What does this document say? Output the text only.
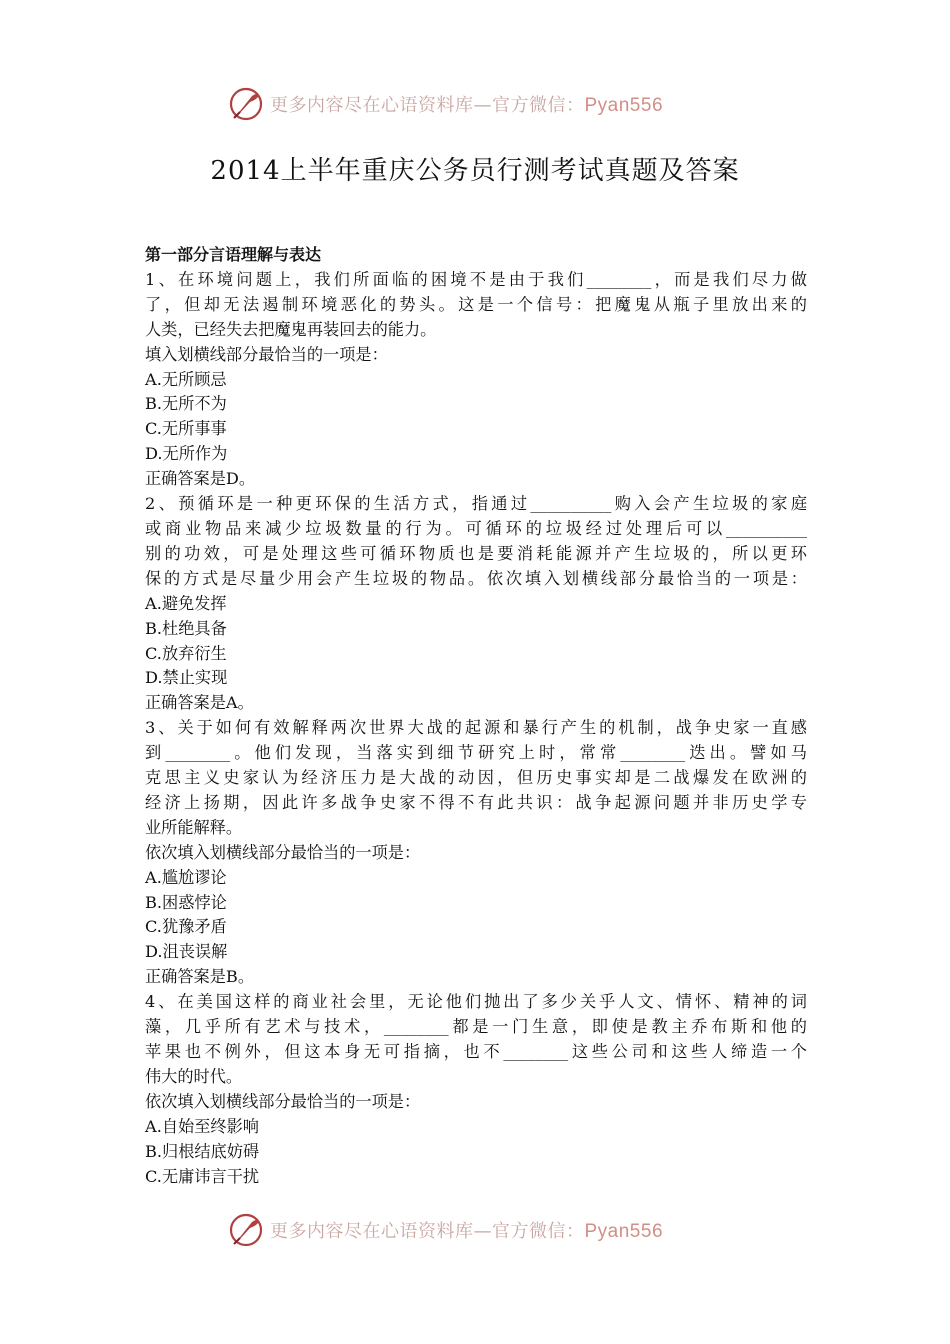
更多内容尽在心语资料库—官方微信：Pyan556
2014上半年重庆公务员行测考试真题及答案
第一部分言语理解与表达
1、在环境问题上，我们所面临的困境不是由于我们________，而是我们尽力做
了，但却无法遏制环境恶化的势头。这是一个信号：把魔鬼从瓶子里放出来的
人类，已经失去把魔鬼再装回去的能力。
填入划横线部分最恰当的一项是：
A.无所顾忌
B.无所不为
C.无所事事
D.无所作为
正确答案是D。
2、预循环是一种更环保的生活方式，指通过__________购入会产生垃圾的家庭
或商业物品来减少垃圾数量的行为。可循环的垃圾经过处理后可以__________
别的功效，可是处理这些可循环物质也是要消耗能源并产生垃圾的，所以更环
保的方式是尽量少用会产生垃圾的物品。依次填入划横线部分最恰当的一项是：
A.避免发挥
B.杜绝具备
C.放弃衍生
D.禁止实现
正确答案是A。
3、关于如何有效解释两次世界大战的起源和暴行产生的机制，战争史家一直感
到________。他们发现，当落实到细节研究上时，常常________迭出。譬如马
克思主义史家认为经济压力是大战的动因，但历史事实却是二战爆发在欧洲的
经济上扬期，因此许多战争史家不得不有此共识：战争起源问题并非历史学专
业所能解释。
依次填入划横线部分最恰当的一项是：
A.尴尬谬论
B.困惑悖论
C.犹豫矛盾
D.沮丧误解
正确答案是B。
4、在美国这样的商业社会里，无论他们抛出了多少关乎人文、情怀、精神的词
藻，几乎所有艺术与技术，________都是一门生意，即使是教主乔布斯和他的
苹果也不例外，但这本身无可指摘，也不________这些公司和这些人缔造一个
伟大的时代。
依次填入划横线部分最恰当的一项是：
A.自始至终影响
B.归根结底妨碍
C.无庸讳言干扰
更多内容尽在心语资料库—官方微信：Pyan556
